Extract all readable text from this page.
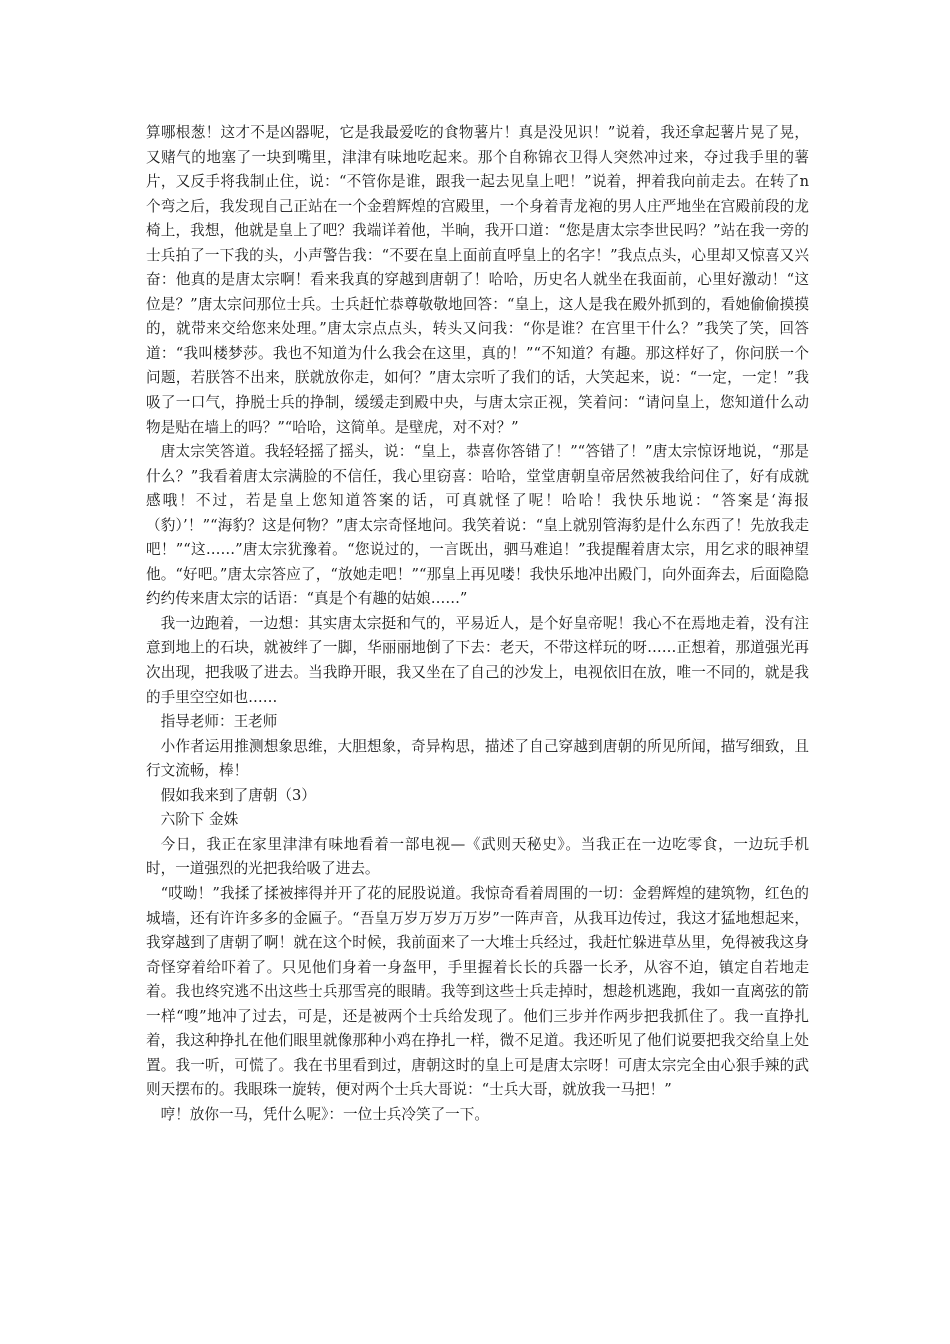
算哪根葱！这才不是凶器呢，它是我最爱吃的食物薯片！真是没见识！”说着，我还拿起薯片晃了晃，又赌气的地塞了一块到嘴里，津津有味地吃起来。那个自称锦衣卫得人突然冲过来，夺过我手里的薯片，又反手将我制止住，说：“不管你是谁，跟我一起去见皇上吧！”说着，押着我向前走去。在转了n个弯之后，我发现自己正站在一个金碧辉煌的宫殿里，一个身着青龙袍的男人庄严地坐在宫殿前段的龙椅上，我想，他就是皇上了吧？我端详着他，半晌，我开口道：“您是唐太宗李世民吗？”站在我一旁的士兵拍了一下我的头，小声警告我：“不要在皇上面前直呼皇上的名字！”我点点头，心里却又惊喜又兴奋：他真的是唐太宗啊！看来我真的穿越到唐朝了！哈哈，历史名人就坐在我面前，心里好激动！“这位是？”唐太宗问那位士兵。士兵赶忙恭尊敬敬地回答：“皇上，这人是我在殿外抓到的，看她偷偷摸摸的，就带来交给您来处理。”唐太宗点点头，转头又问我：“你是谁？在宫里干什么？”我笑了笑，回答道：“我叫楼梦莎。我也不知道为什么我会在这里，真的！”“不知道？有趣。那这样好了，你问朕一个问题，若朕答不出来，朕就放你走，如何？”唐太宗听了我们的话，大笑起来，说：“一定，一定！”我吸了一口气，挣脱士兵的挣制，缓缓走到殿中央，与唐太宗正视，笑着问：“请问皇上，您知道什么动物是贴在墙上的吗？”“哈哈，这简单。是壁虎，对不对？”

唐太宗笑答道。我轻轻摇了摇头，说：“皇上，恭喜你答错了！”“答错了！”唐太宗惊讶地说，“那是什么？”我看着唐太宗满脸的不信任，我心里窃喜：哈哈，堂堂唐朝皇帝居然被我给问住了，好有成就感哦！不过，若是皇上您知道答案的话，可真就怪了呢！哈哈！我快乐地说：“答案是‘海报（豹）’！”“海豹？这是何物？”唐太宗奇怪地问。我笑着说：“皇上就别管海豹是什么东西了！先放我走吧！”“这……”唐太宗犹豫着。“您说过的，一言既出，驷马难追！”我提醒着唐太宗，用乞求的眼神望他。“好吧。”唐太宗答应了，“放她走吧！”“那皇上再见喽！我快乐地冲出殿门，向外面奔去，后面隐隐约约传来唐太宗的话语：“真是个有趣的姑娘……”

我一边跑着，一边想：其实唐太宗挺和气的，平易近人，是个好皇帝呢！我心不在焉地走着，没有注意到地上的石块，就被绊了一脚，华丽丽地倒了下去：老天，不带这样玩的呀……正想着，那道强光再次出现，把我吸了进去。当我睁开眼，我又坐在了自己的沙发上，电视依旧在放，唯一不同的，就是我的手里空空如也……

指导老师：王老师

小作者运用推测想象思维，大胆想象，奇异构思，描述了自己穿越到唐朝的所见所闻，描写细致，且行文流畅，棒！

假如我来到了唐朝（3）

六阶下 金姝

今日，我正在家里津津有味地看着一部电视—《武则天秘史》。当我正在一边吃零食，一边玩手机时，一道强烈的光把我给吸了进去。

“哎呦！”我揉了揉被摔得并开了花的屁股说道。我惊奇看着周围的一切：金碧辉煌的建筑物，红色的城墙，还有许许多多的金匾子。“吾皇万岁万岁万万岁”一阵声音，从我耳边传过，我这才猛地想起来，我穿越到了唐朝了啊！就在这个时候，我前面来了一大堆士兵经过，我赶忙躲进草丛里，免得被我这身奇怪穿着给吓着了。只见他们身着一身盔甲，手里握着长长的兵器一长矛，从容不迫，镇定自若地走着。我也终究逃不出这些士兵那雪亮的眼睛。我等到这些士兵走掉时，想趁机逃跑，我如一直离弦的箭一样“嗖”地冲了过去，可是，还是被两个士兵给发现了。他们三步并作两步把我抓住了。我一直挣扎着，我这种挣扎在他们眼里就像那种小鸡在挣扎一样，微不足道。我还听见了他们说要把我交给皇上处置。我一听，可慌了。我在书里看到过，唐朝这时的皇上可是唐太宗呀！可唐太宗完全由心狠手辣的武则天摆布的。我眼珠一旋转，便对两个士兵大哥说：“士兵大哥，就放我一马把！”

哼！放你一马，凭什么呢》：一位士兵冷笑了一下。
